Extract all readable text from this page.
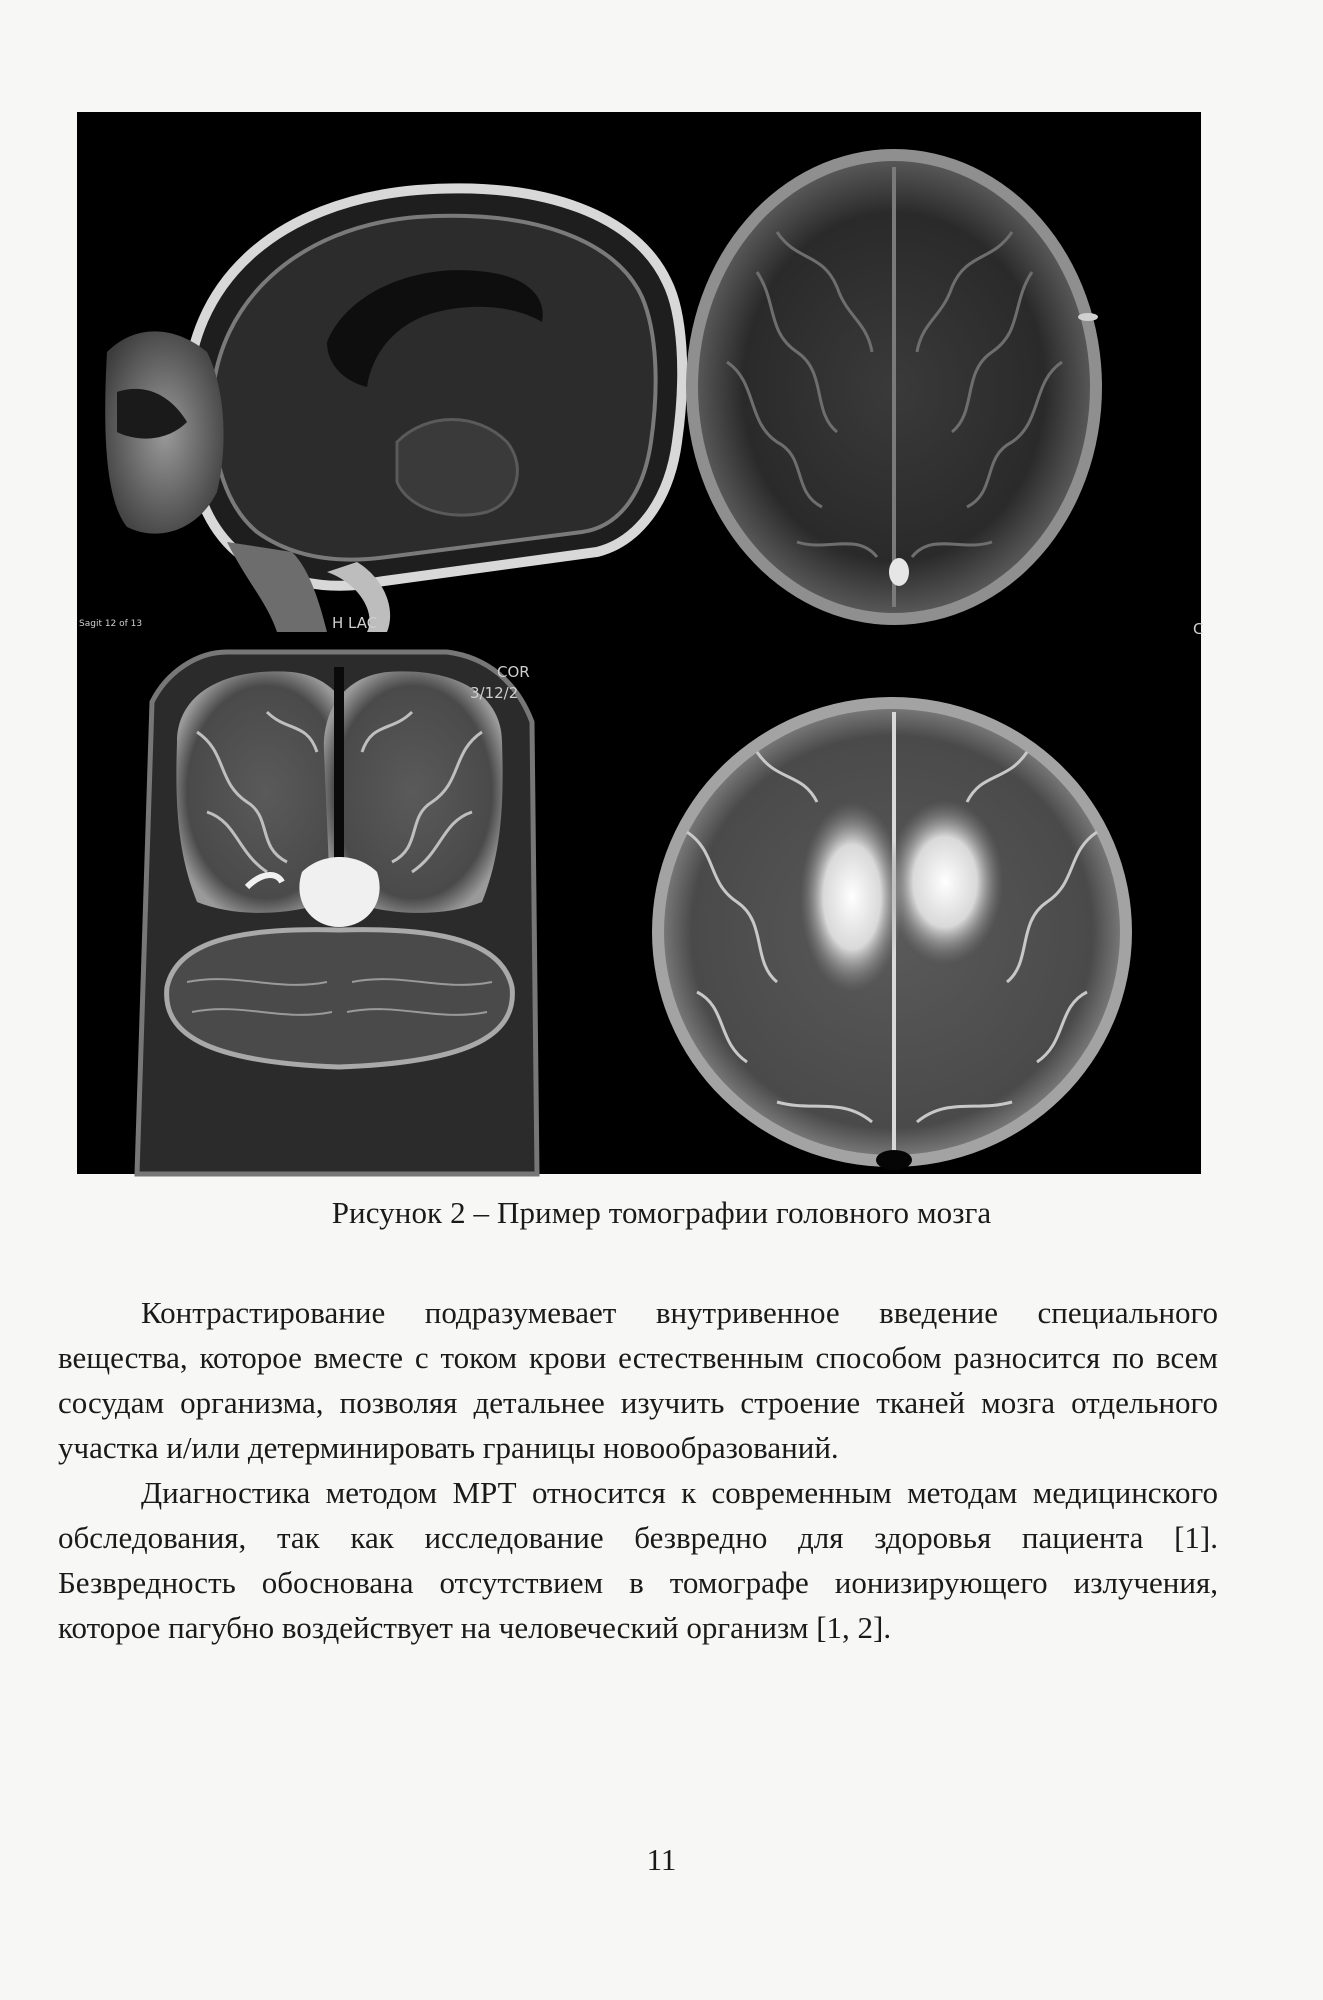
H LAC
Sagit 12 of 13	C
COR
3/12/2
Рисунок 2 – Пример томографии головного мозга

Контрастирование подразумевает внутривенное введение специального вещества, которое вместе с током крови естественным способом разносится по всем сосудам организма, позволяя детальнее изучить строение тканей мозга отдельного участка и/или детерминировать границы новообразований.

Диагностика методом МРТ относится к современным методам медицинского обследования, так как исследование безвредно для здоровья пациента [1]. Безвредность обоснована отсутствием в томографе ионизирующего излучения, которое пагубно воздействует на человеческий организм [1, 2].

11
